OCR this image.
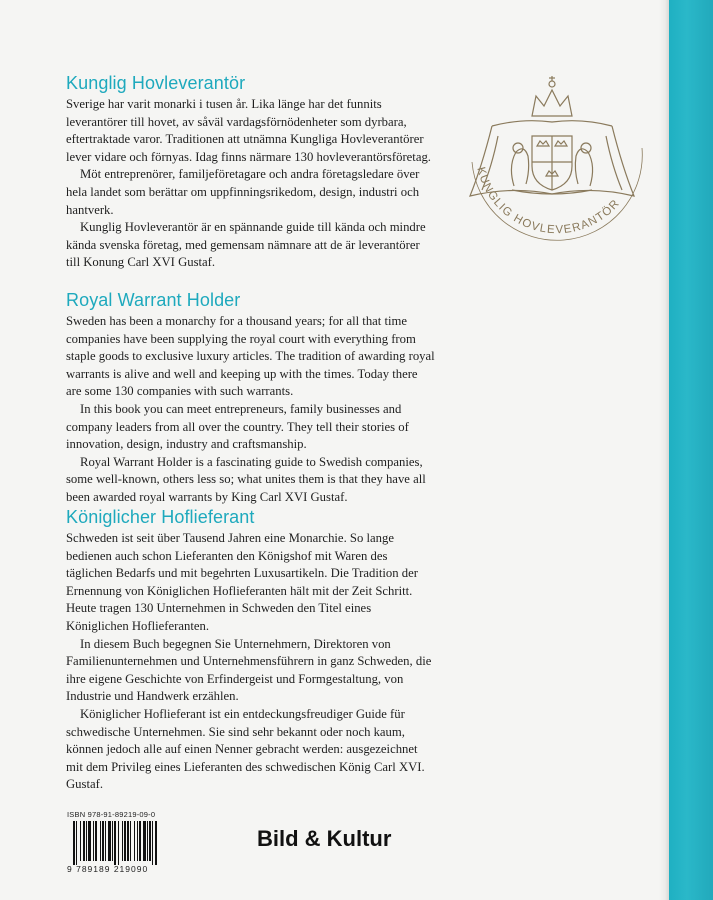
Kunglig Hovleverantör

Sverige har varit monarki i tusen år. Lika länge har det funnits leverantörer till hovet, av såväl vardagsförnödenheter som dyrbara, eftertraktade varor. Traditionen att utnämna Kungliga Hovleverantörer lever vidare och förnyas. Idag finns närmare 130 hovleverantörsföretag.

Möt entreprenörer, familjeföretagare och andra företagsledare över hela landet som berättar om uppfinningsrikedom, design, industri och hantverk.

Kunglig Hovleverantör är en spännande guide till kända och mindre kända svenska företag, med gemensam nämnare att de är leverantörer till Konung Carl XVI Gustaf.

Royal Warrant Holder

Sweden has been a monarchy for a thousand years; for all that time companies have been supplying the royal court with everything from staple goods to exclusive luxury articles. The tradition of awarding royal warrants is alive and well and keeping up with the times. Today there are some 130 companies with such warrants.

In this book you can meet entrepreneurs, family businesses and company leaders from all over the country. They tell their stories of innovation, design, industry and craftsmanship.

Royal Warrant Holder is a fascinating guide to Swedish companies, some well-known, others less so; what unites them is that they have all been awarded royal warrants by King Carl XVI Gustaf.

Königlicher Hoflieferant

Schweden ist seit über Tausend Jahren eine Monarchie. So lange bedienen auch schon Lieferanten den Königshof mit Waren des täglichen Bedarfs und mit begehrten Luxusartikeln. Die Tradition der Ernennung von Königlichen Hoflieferanten hält mit der Zeit Schritt. Heute tragen 130 Unternehmen in Schweden den Titel eines Königlichen Hoflieferanten.

In diesem Buch begegnen Sie Unternehmern, Direktoren von Familienunternehmen und Unternehmensführern in ganz Schweden, die ihre eigene Geschichte von Erfindergeist und Formgestaltung, von Industrie und Handwerk erzählen.

Königlicher Hoflieferant ist ein entdeckungsfreudiger Guide für schwedische Unternehmen. Sie sind sehr bekannt oder noch kaum, können jedoch alle auf einen Nenner gebracht werden: ausgezeichnet mit dem Privileg eines Lieferanten des schwedischen König Carl XVI. Gustaf.

KUNGLIG HOVLEVERANTÖR
ISBN 978-91-89219-09-0
9 789189 219090
Bild & Kultur
